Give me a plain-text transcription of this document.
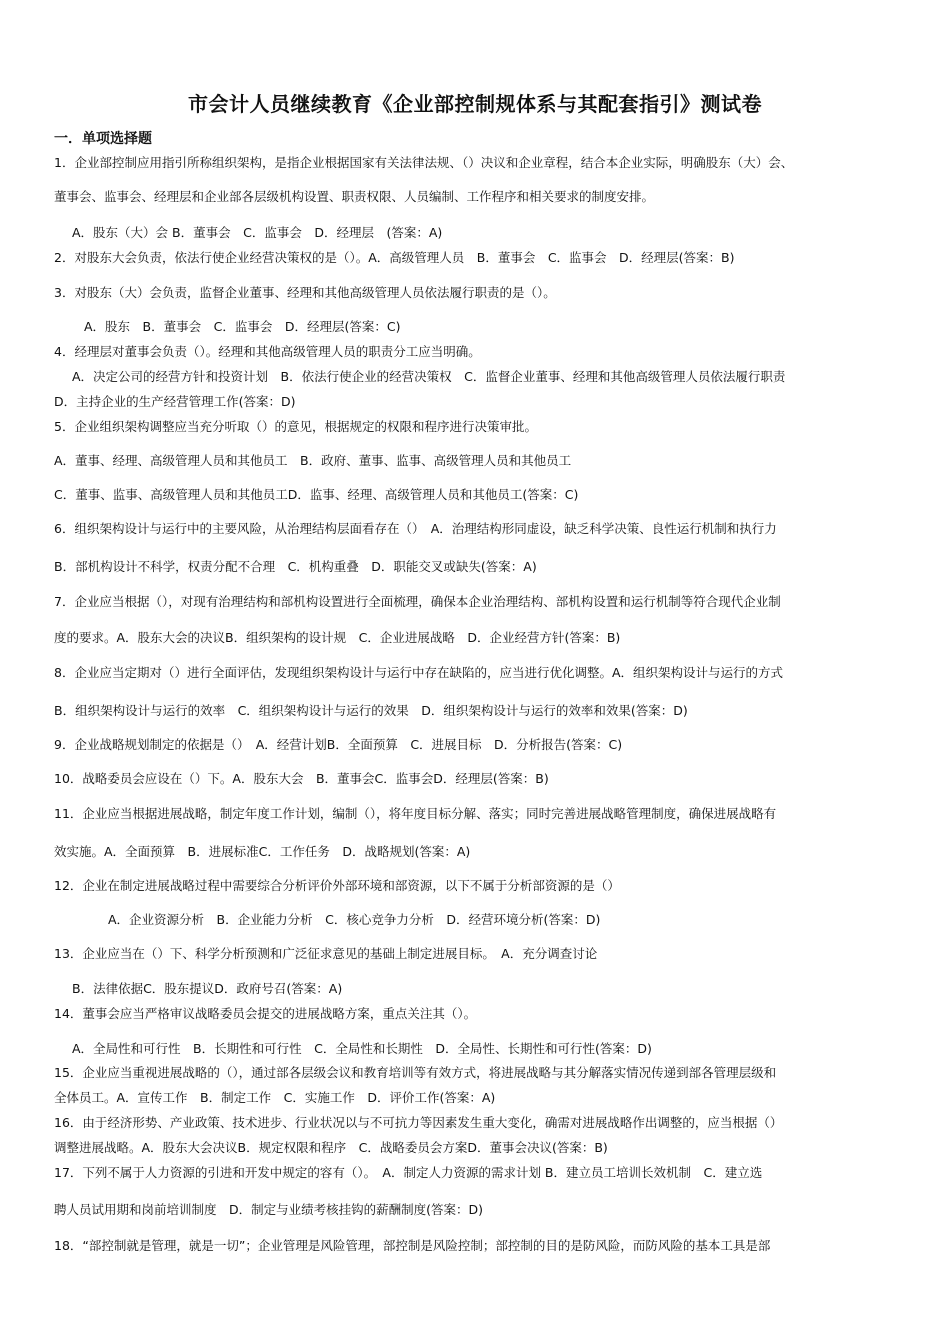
市会计人员继续教育《企业部控制规体系与其配套指引》测试卷
一．单项选择题
1．企业部控制应用指引所称组织架构，是指企业根据国家有关法律法规、（）决议和企业章程，结合本企业实际，明确股东（大）会、
董事会、监事会、经理层和企业部各层级机构设置、职责权限、人员编制、工作程序和相关要求的制度安排。
A．股东（大）会 B．董事会　C．监事会　D．经理层　(答案：A)
2．对股东大会负责，依法行使企业经营决策权的是（）。A．高级管理人员　B．董事会　C．监事会　D．经理层(答案：B)
3．对股东（大）会负责，监督企业董事、经理和其他高级管理人员依法履行职责的是（）。
A．股东　B．董事会　C．监事会　D．经理层(答案：C)
4．经理层对董事会负责（）。经理和其他高级管理人员的职责分工应当明确。
A．决定公司的经营方针和投资计划　B．依法行使企业的经营决策权　C．监督企业董事、经理和其他高级管理人员依法履行职责
D．主持企业的生产经营管理工作(答案：D)
5．企业组织架构调整应当充分听取（）的意见，根据规定的权限和程序进行决策审批。
A．董事、经理、高级管理人员和其他员工　B．政府、董事、监事、高级管理人员和其他员工
C．董事、监事、高级管理人员和其他员工D．监事、经理、高级管理人员和其他员工(答案：C)
6．组织架构设计与运行中的主要风险，从治理结构层面看存在（）　A．治理结构形同虚设，缺乏科学决策、良性运行机制和执行力
B．部机构设计不科学，权责分配不合理　C．机构重叠　D．职能交叉或缺失(答案：A)
7．企业应当根据（），对现有治理结构和部机构设置进行全面梳理，确保本企业治理结构、部机构设置和运行机制等符合现代企业制
度的要求。A．股东大会的决议B．组织架构的设计规　C．企业进展战略　D．企业经营方针(答案：B)
8．企业应当定期对（）进行全面评估，发现组织架构设计与运行中存在缺陷的，应当进行优化调整。A．组织架构设计与运行的方式
B．组织架构设计与运行的效率　C．组织架构设计与运行的效果　D．组织架构设计与运行的效率和效果(答案：D)
9．企业战略规划制定的依据是（）　A．经营计划B．全面预算　C．进展目标　D．分析报告(答案：C)
10．战略委员会应设在（）下。A．股东大会　B．董事会C．监事会D．经理层(答案：B)
11．企业应当根据进展战略，制定年度工作计划，编制（），将年度目标分解、落实；同时完善进展战略管理制度，确保进展战略有
效实施。A．全面预算　B．进展标准C．工作任务　D．战略规划(答案：A)
12．企业在制定进展战略过程中需要综合分析评价外部环境和部资源，以下不属于分析部资源的是（）
A．企业资源分析　B．企业能力分析　C．核心竞争力分析　D．经营环境分析(答案：D)
13．企业应当在（）下、科学分析预测和广泛征求意见的基础上制定进展目标。　A．充分调查讨论
B．法律依据C．股东提议D．政府号召(答案：A)
14．董事会应当严格审议战略委员会提交的进展战略方案，重点关注其（）。
A．全局性和可行性　B．长期性和可行性　C．全局性和长期性　D．全局性、长期性和可行性(答案：D)
15．企业应当重视进展战略的（），通过部各层级会议和教育培训等有效方式，将进展战略与其分解落实情况传递到部各管理层级和
全体员工。A．宣传工作　B．制定工作　C．实施工作　D．评价工作(答案：A)
16．由于经济形势、产业政策、技术进步、行业状况以与不可抗力等因素发生重大变化，确需对进展战略作出调整的，应当根据（）
调整进展战略。A．股东大会决议B．规定权限和程序　C．战略委员会方案D．董事会决议(答案：B)
17．下列不属于人力资源的引进和开发中规定的容有（）。　A．制定人力资源的需求计划 B．建立员工培训长效机制　C．建立选
聘人员试用期和岗前培训制度　D．制定与业绩考核挂钩的薪酬制度(答案：D)
18．“部控制就是管理，就是一切”；企业管理是风险管理，部控制是风险控制；部控制的目的是防风险，而防风险的基本工具是部
